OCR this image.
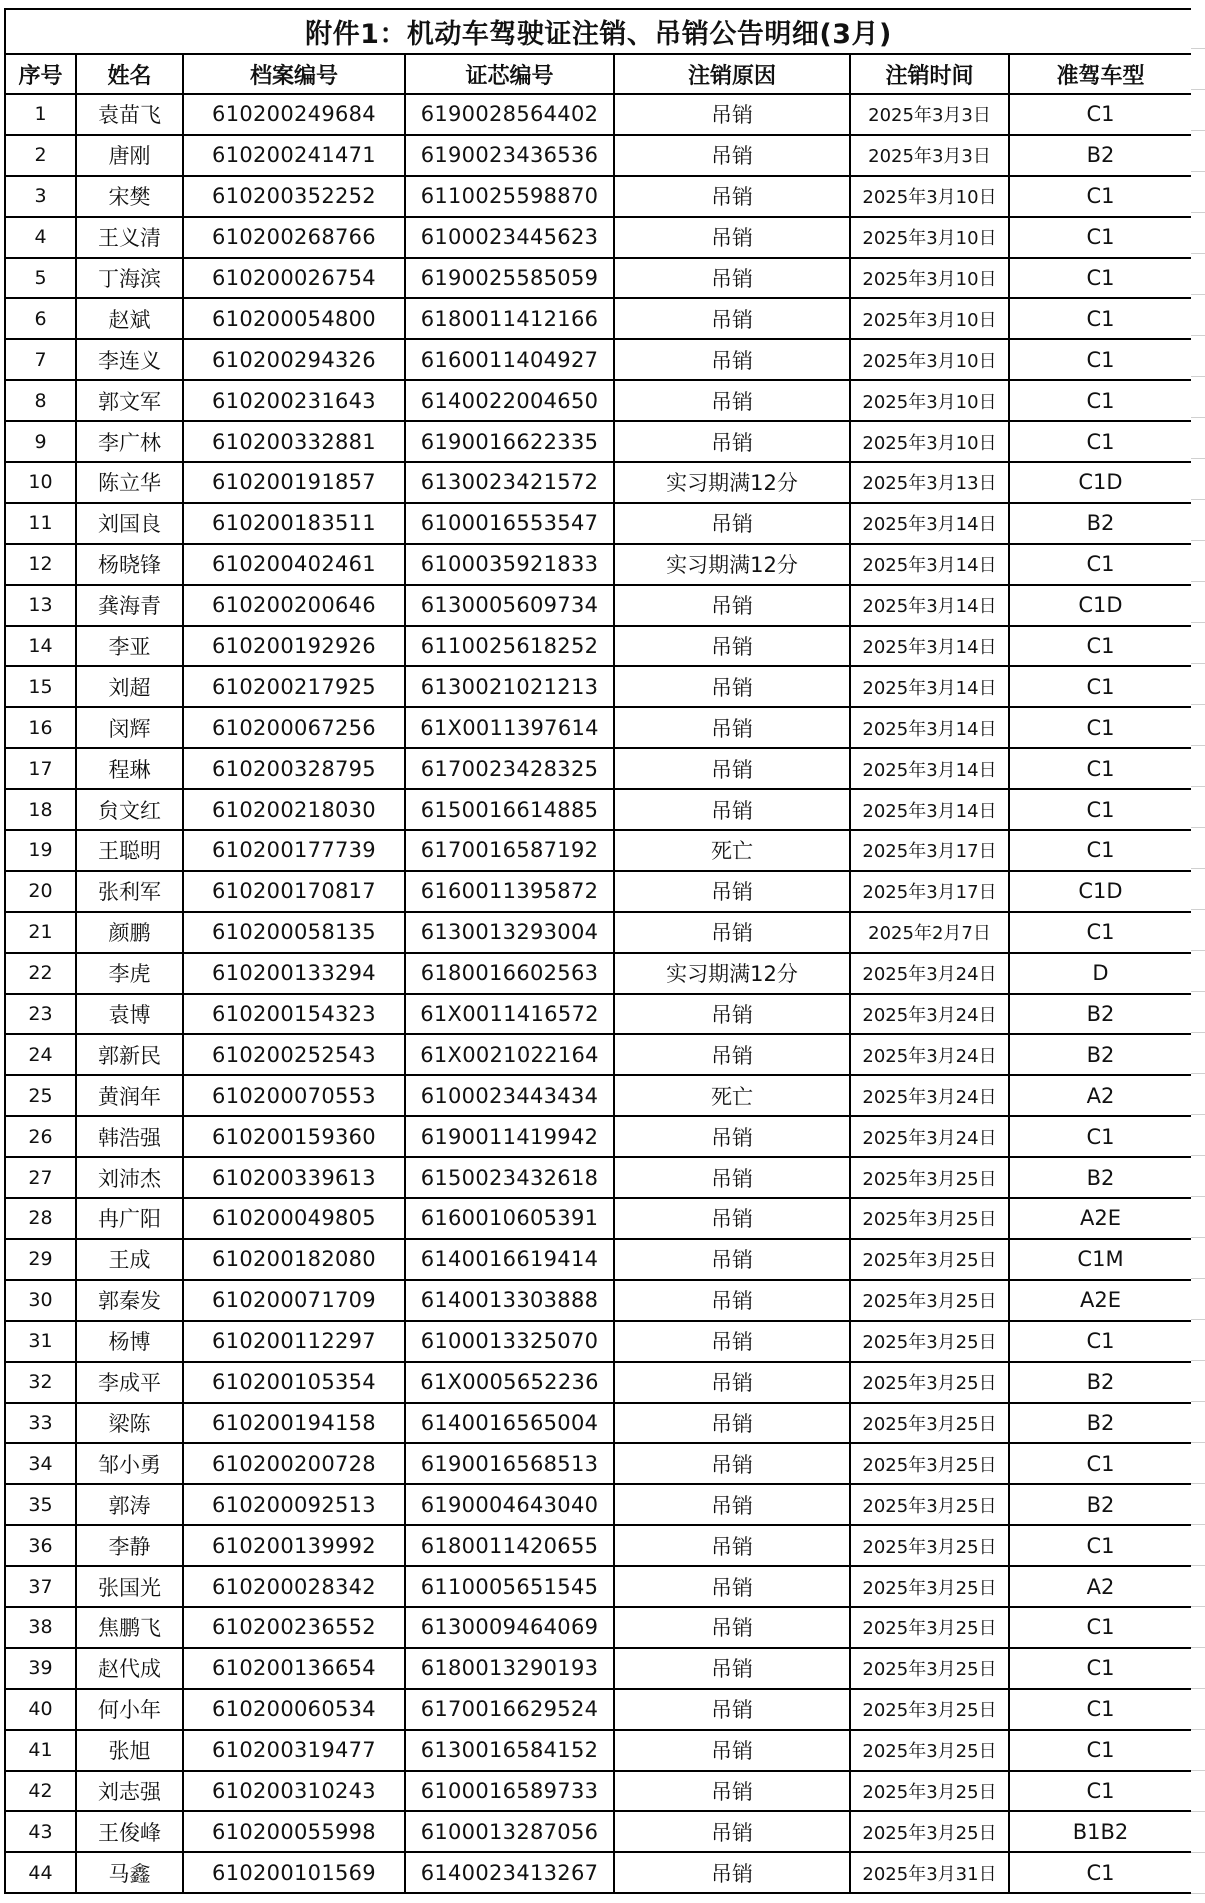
附件1：机动车驾驶证注销、吊销公告明细(3月)						
序号	姓名	档案编号	证芯编号	注销原因	注销时间	准驾车型
1	袁苗飞	610200249684	6190028564402	吊销	2025年3月3日	C1
2	唐刚	610200241471	6190023436536	吊销	2025年3月3日	B2
3	宋樊	610200352252	6110025598870	吊销	2025年3月10日	C1
4	王义清	610200268766	6100023445623	吊销	2025年3月10日	C1
5	丁海滨	610200026754	6190025585059	吊销	2025年3月10日	C1
6	赵斌	610200054800	6180011412166	吊销	2025年3月10日	C1
7	李连义	610200294326	6160011404927	吊销	2025年3月10日	C1
8	郭文军	610200231643	6140022004650	吊销	2025年3月10日	C1
9	李广林	610200332881	6190016622335	吊销	2025年3月10日	C1
10	陈立华	610200191857	6130023421572	实习期满12分	2025年3月13日	C1D
11	刘国良	610200183511	6100016553547	吊销	2025年3月14日	B2
12	杨晓锋	610200402461	6100035921833	实习期满12分	2025年3月14日	C1
13	龚海青	610200200646	6130005609734	吊销	2025年3月14日	C1D
14	李亚	610200192926	6110025618252	吊销	2025年3月14日	C1
15	刘超	610200217925	6130021021213	吊销	2025年3月14日	C1
16	闵辉	610200067256	61X0011397614	吊销	2025年3月14日	C1
17	程琳	610200328795	6170023428325	吊销	2025年3月14日	C1
18	贠文红	610200218030	6150016614885	吊销	2025年3月14日	C1
19	王聪明	610200177739	6170016587192	死亡	2025年3月17日	C1
20	张利军	610200170817	6160011395872	吊销	2025年3月17日	C1D
21	颜鹏	610200058135	6130013293004	吊销	2025年2月7日	C1
22	李虎	610200133294	6180016602563	实习期满12分	2025年3月24日	D
23	袁博	610200154323	61X0011416572	吊销	2025年3月24日	B2
24	郭新民	610200252543	61X0021022164	吊销	2025年3月24日	B2
25	黄润年	610200070553	6100023443434	死亡	2025年3月24日	A2
26	韩浩强	610200159360	6190011419942	吊销	2025年3月24日	C1
27	刘沛杰	610200339613	6150023432618	吊销	2025年3月25日	B2
28	冉广阳	610200049805	6160010605391	吊销	2025年3月25日	A2E
29	王成	610200182080	6140016619414	吊销	2025年3月25日	C1M
30	郭秦发	610200071709	6140013303888	吊销	2025年3月25日	A2E
31	杨博	610200112297	6100013325070	吊销	2025年3月25日	C1
32	李成平	610200105354	61X0005652236	吊销	2025年3月25日	B2
33	梁陈	610200194158	6140016565004	吊销	2025年3月25日	B2
34	邹小勇	610200200728	6190016568513	吊销	2025年3月25日	C1
35	郭涛	610200092513	6190004643040	吊销	2025年3月25日	B2
36	李静	610200139992	6180011420655	吊销	2025年3月25日	C1
37	张国光	610200028342	6110005651545	吊销	2025年3月25日	A2
38	焦鹏飞	610200236552	6130009464069	吊销	2025年3月25日	C1
39	赵代成	610200136654	6180013290193	吊销	2025年3月25日	C1
40	何小年	610200060534	6170016629524	吊销	2025年3月25日	C1
41	张旭	610200319477	6130016584152	吊销	2025年3月25日	C1
42	刘志强	610200310243	6100016589733	吊销	2025年3月25日	C1
43	王俊峰	610200055998	6100013287056	吊销	2025年3月25日	B1B2
44	马鑫	610200101569	6140023413267	吊销	2025年3月31日	C1
